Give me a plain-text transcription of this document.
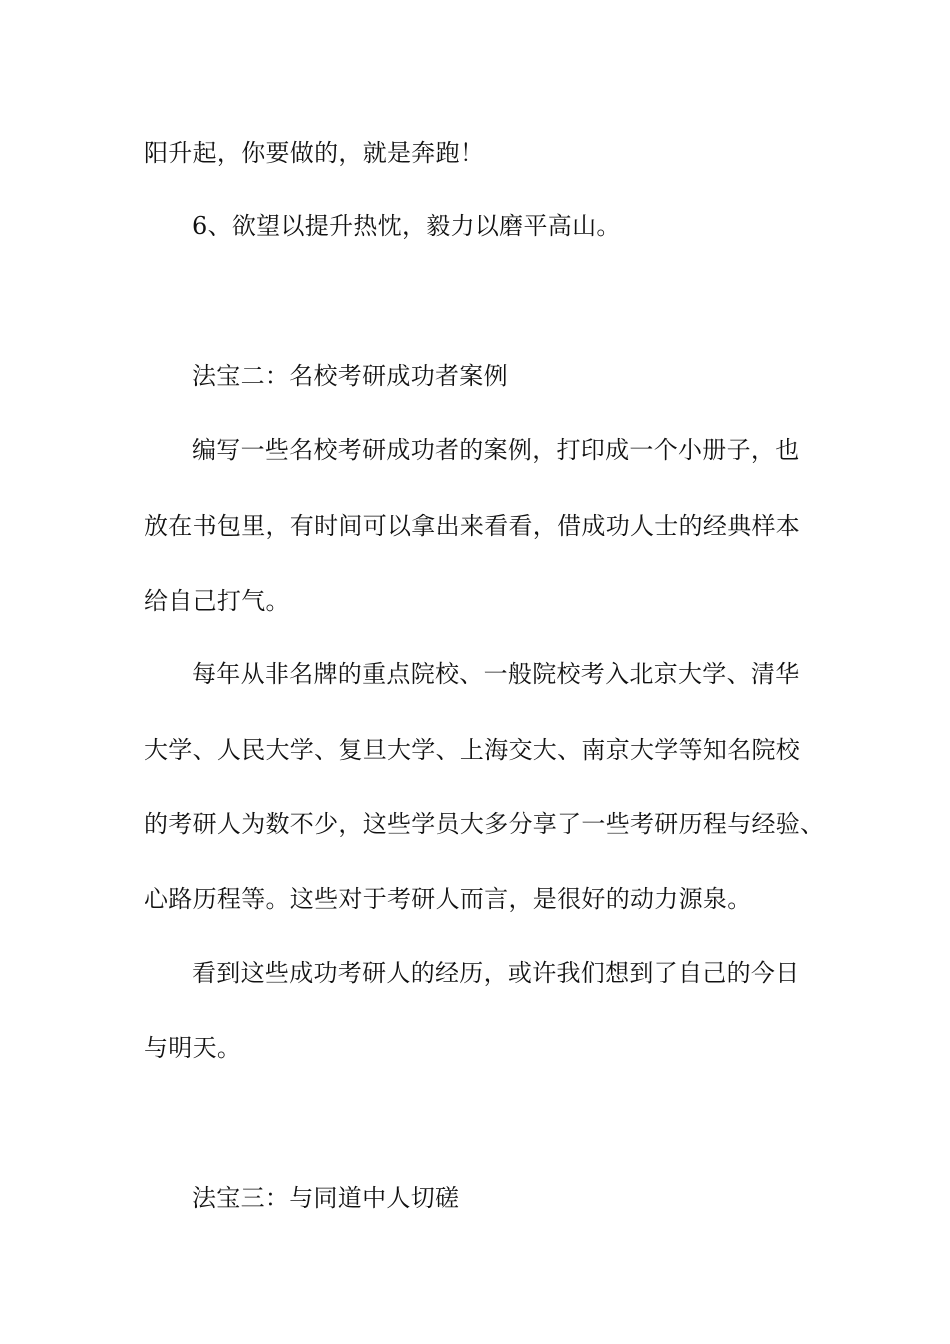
阳升起，你要做的，就是奔跑！
6、欲望以提升热忱，毅力以磨平高山。
法宝二：名校考研成功者案例
编写一些名校考研成功者的案例，打印成一个小册子，也
放在书包里，有时间可以拿出来看看，借成功人士的经典样本
给自己打气。
每年从非名牌的重点院校、一般院校考入北京大学、清华
大学、人民大学、复旦大学、上海交大、南京大学等知名院校
的考研人为数不少，这些学员大多分享了一些考研历程与经验、
心路历程等。这些对于考研人而言，是很好的动力源泉。
看到这些成功考研人的经历，或许我们想到了自己的今日
与明天。
法宝三：与同道中人切磋
